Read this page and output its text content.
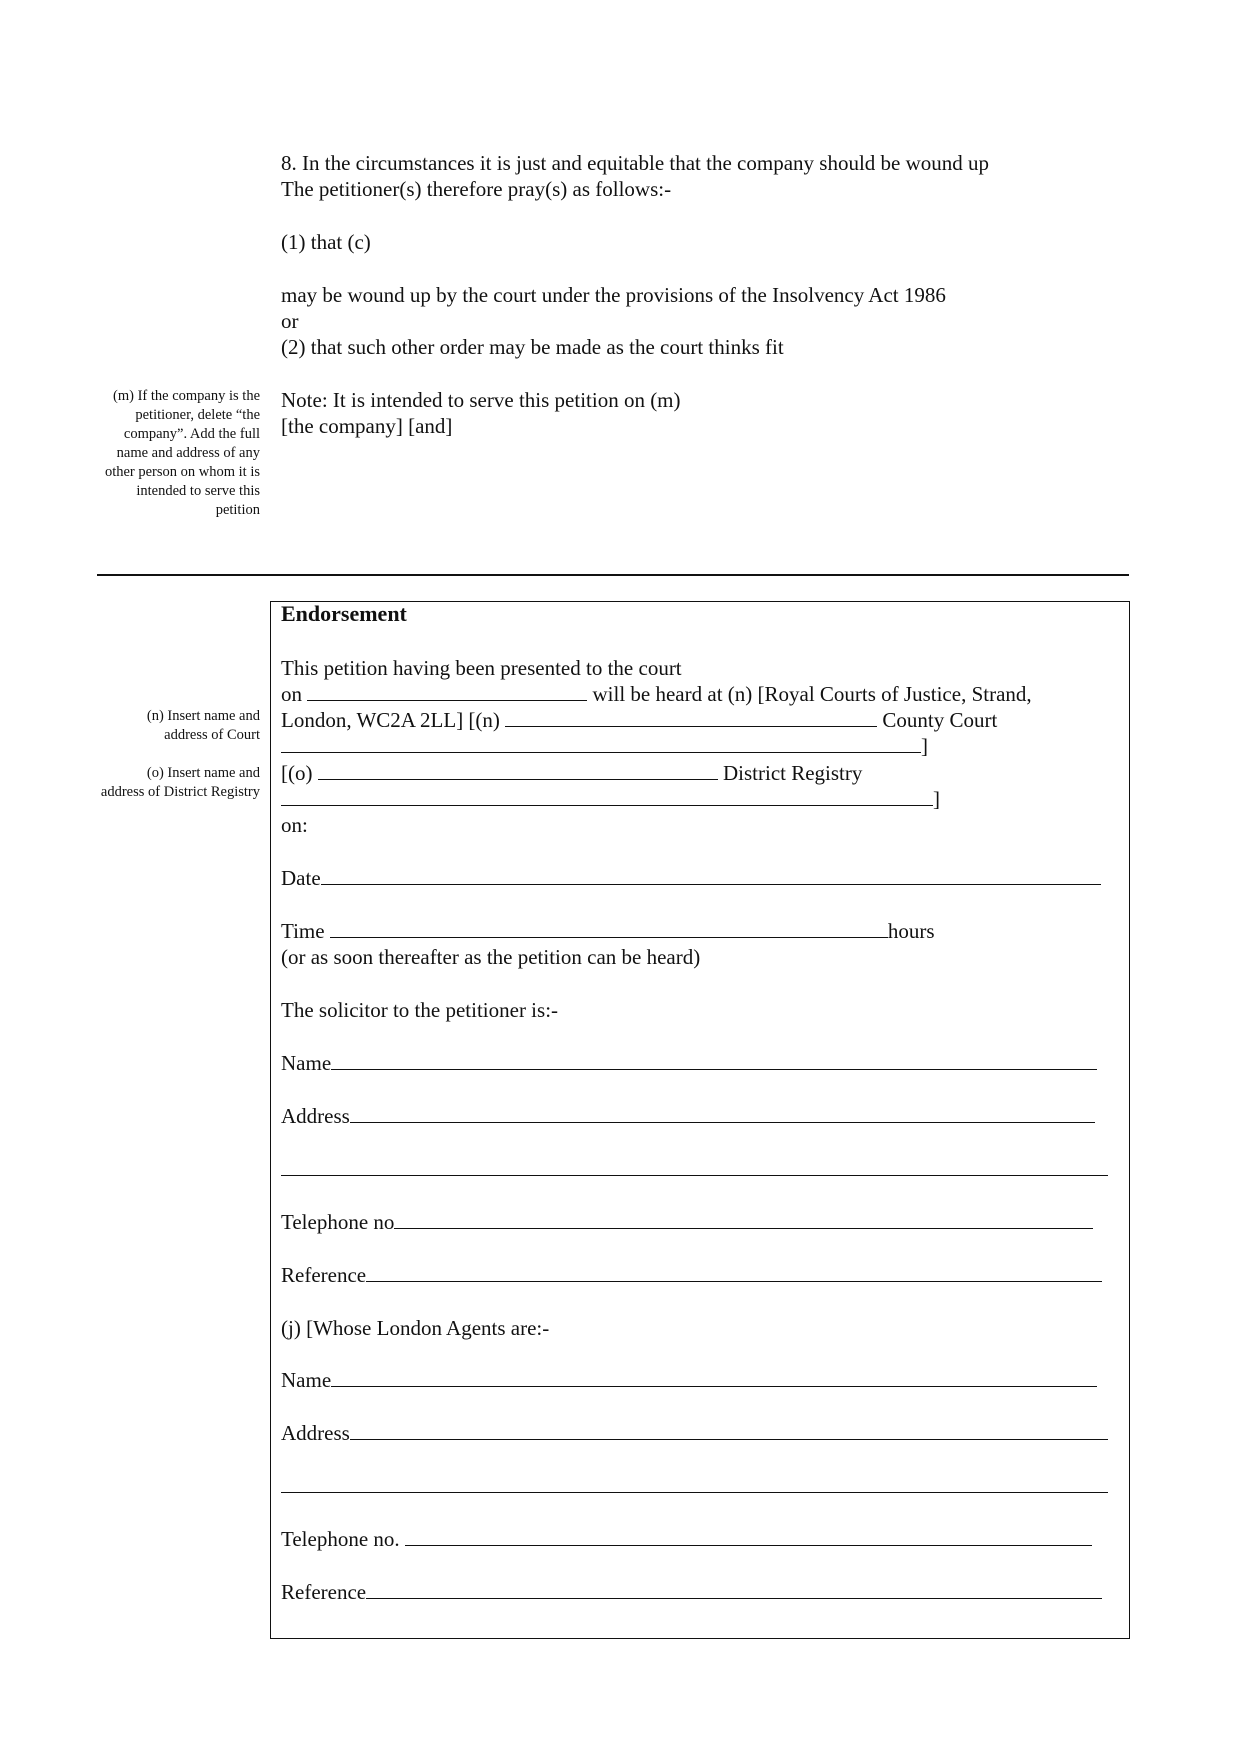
8. In the circumstances it is just and equitable that the company should be wound up
The petitioner(s) therefore pray(s) as follows:-
(1) that (c)
may be wound up by the court under the provisions of the Insolvency Act 1986
or
(2) that such other order may be made as the court thinks fit
Note: It is intended to serve this petition on (m)
[the company] [and]
(m) If the company is the petitioner, delete “the company”. Add the full name and address of any other person on whom it is intended to serve this petition
Endorsement
This petition having been presented to the court
on	will be heard at (n) [Royal Courts of Justice, Strand,
London, WC2A 2LL] [(n)	County Court
]
[(o)	District Registry
]
on:
Date
Time	hours
(or as soon thereafter as the petition can be heard)
The solicitor to the petitioner is:-
Name
Address
Telephone no
Reference
(j) [Whose London Agents are:-
Name
Address
Telephone no.
Reference
(n) Insert name and address of Court
(o) Insert name and address of District Registry
